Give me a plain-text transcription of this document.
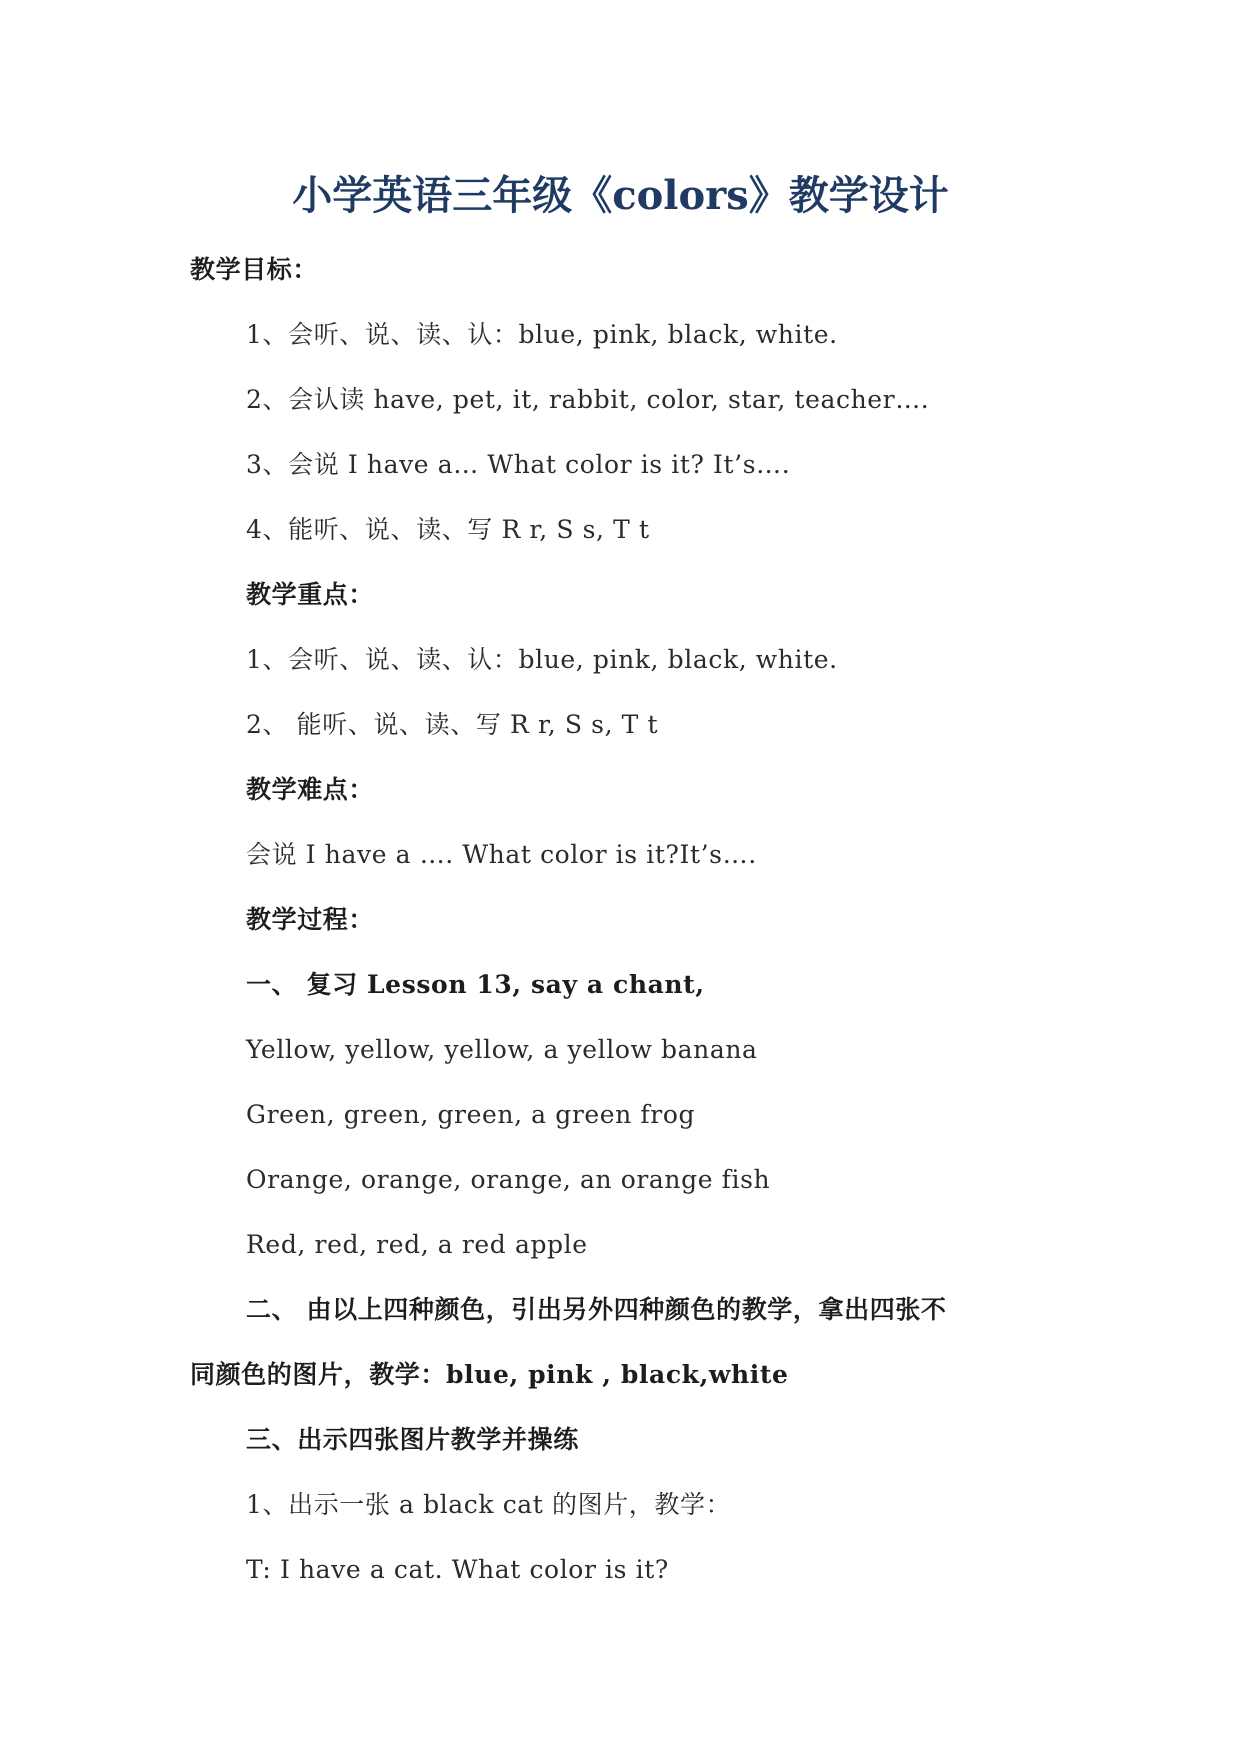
小学英语三年级《colors》教学设计
教学目标：
1、会听、说、读、认：blue, pink, black, white.
2、会认读 have, pet, it, rabbit, color, star, teacher….
3、会说 I have a… What color is it? It’s….
4、能听、说、读、写 R r, S s, T t
教学重点：
1、会听、说、读、认：blue, pink, black, white.
2、 能听、说、读、写 R r, S s, T t
教学难点：
会说 I have a …. What color is it?It’s….
教学过程：
一、 复习 Lesson 13, say a chant,
Yellow, yellow, yellow, a yellow banana
Green, green, green, a green frog
Orange, orange, orange, an orange fish
Red, red, red, a red apple
二、 由以上四种颜色，引出另外四种颜色的教学，拿出四张不
同颜色的图片，教学：blue, pink , black,white
三、出示四张图片教学并操练
1、出示一张 a black cat 的图片，教学：
T: I have a cat. What color is it?
